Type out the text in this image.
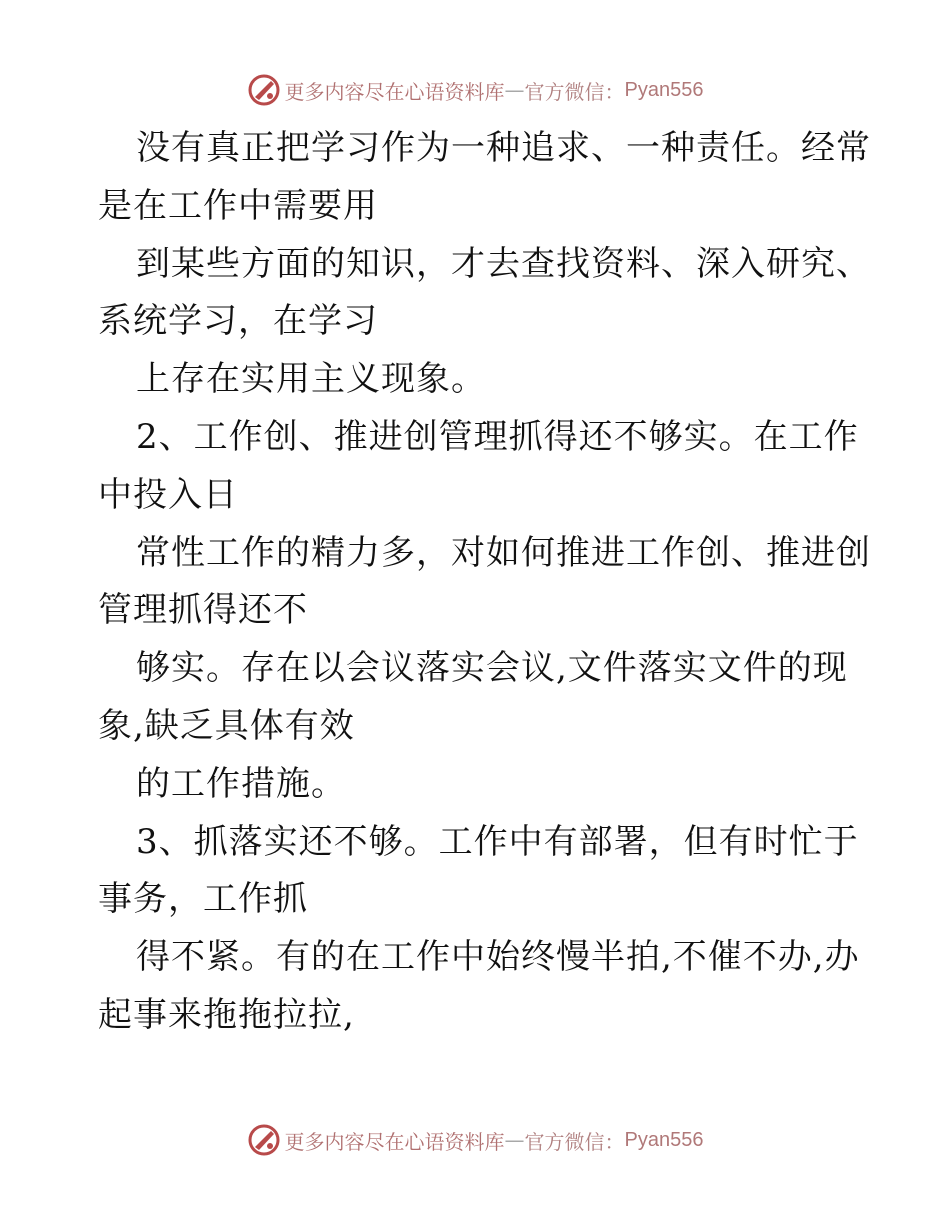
更多内容尽在心语资料库 — 官方微信： Pyan556
没有真正把学习作为一种追求、一种责任。经常
是在工作中需要用
到某些方面的知识，才去查找资料、深入研究、
系统学习，在学习
上存在实用主义现象。
2、工作创、推进创管理抓得还不够实。在工作
中投入日
常性工作的精力多，对如何推进工作创、推进创
管理抓得还不
够实。存在以会议落实会议,文件落实文件的现
象,缺乏具体有效
的工作措施。
3、抓落实还不够。工作中有部署，但有时忙于
事务，工作抓
得不紧。有的在工作中始终慢半拍,不催不办,办
起事来拖拖拉拉,
更多内容尽在心语资料库 — 官方微信： Pyan556
